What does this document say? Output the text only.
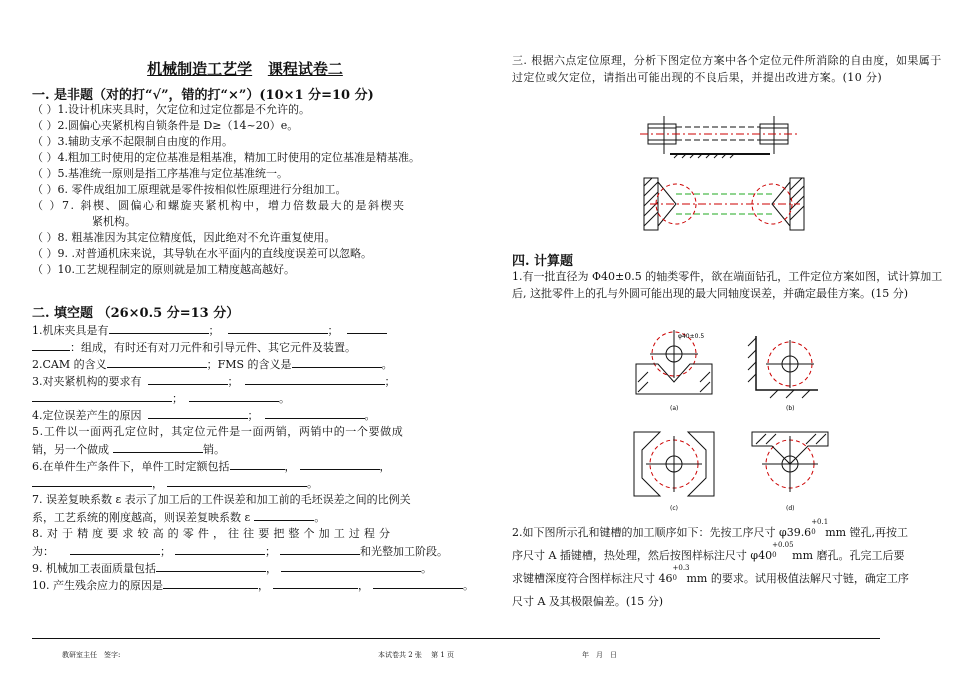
机械制造工艺学 课程试卷二
一. 是非题（对的打“√”，错的打“×”）(10×1 分=10 分)
（ ）1.设计机床夹具时，欠定位和过定位都是不允许的。
（ ）2.圆偏心夹紧机构自锁条件是 D≥（14~20）e。
（ ）3.辅助支承不起限制自由度的作用。
（ ）4.粗加工时使用的定位基准是粗基准，精加工时使用的定位基准是精基准。
（ ）5.基准统一原则是指工序基准与定位基准统一。
（ ）6. 零件成组加工原理就是零件按相似性原理进行分组加工。
（ ）7. 斜楔、圆偏心和螺旋夹紧机构中，增力倍数最大的是斜楔夹
紧机构。
（ ）8. 粗基准因为其定位精度低，因此绝对不允许重复使用。
（ ）9. .对普通机床来说，其导轨在水平面内的直线度误差可以忽略。
（ ）10.工艺规程制定的原则就是加工精度越高越好。
二. 填空题 （26×0.5 分=13 分）
1.机床夹具是有	；	；
：组成，有时还有对刀元件和引导元件、其它元件及装置。
2.CAM 的含义	；FMS 的含义是	。
3.对夹紧机构的要求有	；	；
；	。
4.定位误差产生的原因	；	。
5.工件以一面两孔定位时，其定位元件是一面两销，两销中的一个要做成
销，另一个做成	销。
6.在单件生产条件下，单件工时定额包括	，	，
，	。
7. 误差复映系数 ε 表示了加工后的工件误差和加工前的毛坯误差之间的比例关
系，工艺系统的刚度越高，则误差复映系数 ε	。
8. 对 于 精 度 要 求 较 高 的 零 件 ， 往 往 要 把 整 个 加 工 过 程 分
为：	；	；	和光整加工阶段。
9. 机械加工表面质量包括	，	。
10. 产生残余应力的原因是	，	，	。
三. 根据六点定位原理，分析下图定位方案中各个定位元件所消除的自由度，如果属于过定位或欠定位，请指出可能出现的不良后果，并提出改进方案。(10 分)
四. 计算题
1.有一批直径为 Φ40±0.5 的轴类零件，欲在端面钻孔，工件定位方案如图，试计算加工后, 这批零件上的孔与外圆可能出现的最大同轴度误差，并确定最佳方案。(15 分)
φ40±0.5
(a)	(b)
(c)	(d)
2.如下图所示孔和键槽的加工顺序如下：先按工序尺寸 φ39.6
+0.1
0 mm 镗孔,再按工
序尺寸 A 插键槽，热处理，然后按图样标注尺寸 φ40
+0.05
0 mm 磨孔。孔完工后要
求键槽深度符合图样标注尺寸 46
+0.3
0 mm 的要求。试用极值法解尺寸链，确定工序
尺寸 A 及其极限偏差。(15 分)
教研室主任　签字:	本试卷共 2 张　 第 1 页	年　月　日
